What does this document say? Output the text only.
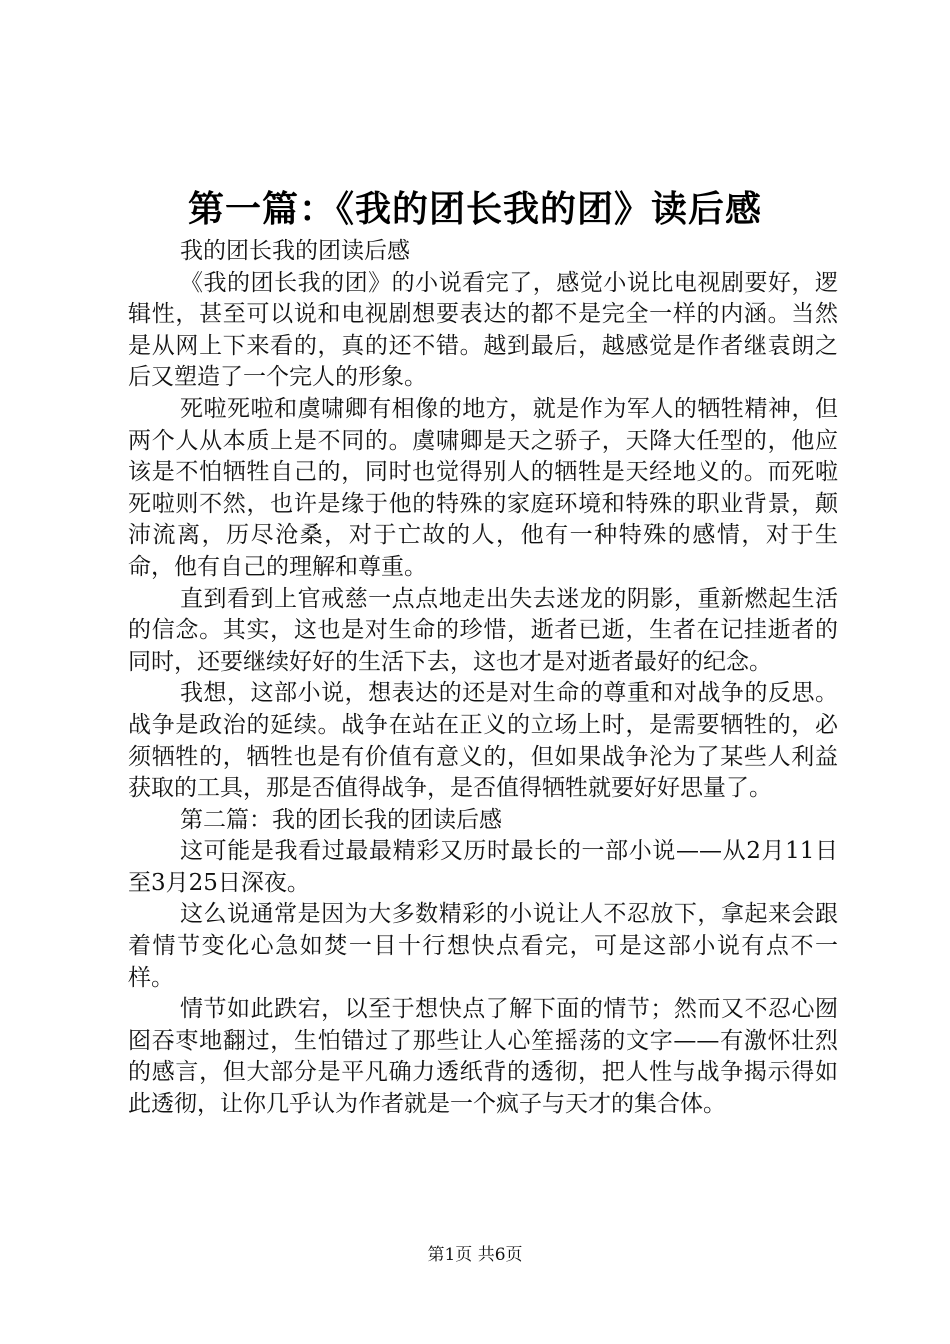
第一篇：《我的团长我的团》读后感

我的团长我的团读后感

《我的团长我的团》的小说看完了，感觉小说比电视剧要好，逻辑性，甚至可以说和电视剧想要表达的都不是完全一样的内涵。当然是从网上下来看的，真的还不错。越到最后，越感觉是作者继袁朗之后又塑造了一个完人的形象。

死啦死啦和虞啸卿有相像的地方，就是作为军人的牺牲精神，但两个人从本质上是不同的。虞啸卿是天之骄子，天降大任型的，他应该是不怕牺牲自己的，同时也觉得别人的牺牲是天经地义的。而死啦死啦则不然，也许是缘于他的特殊的家庭环境和特殊的职业背景，颠沛流离，历尽沧桑，对于亡故的人，他有一种特殊的感情，对于生命，他有自己的理解和尊重。

直到看到上官戒慈一点点地走出失去迷龙的阴影，重新燃起生活的信念。其实，这也是对生命的珍惜，逝者已逝，生者在记挂逝者的同时，还要继续好好的生活下去，这也才是对逝者最好的纪念。

我想，这部小说，想表达的还是对生命的尊重和对战争的反思。战争是政治的延续。战争在站在正义的立场上时，是需要牺牲的，必须牺牲的，牺牲也是有价值有意义的，但如果战争沦为了某些人利益获取的工具，那是否值得战争，是否值得牺牲就要好好思量了。

第二篇：我的团长我的团读后感

这可能是我看过最最精彩又历时最长的一部小说——从2月11日至3月25日深夜。

这么说通常是因为大多数精彩的小说让人不忍放下，拿起来会跟着情节变化心急如焚一目十行想快点看完，可是这部小说有点不一样。

情节如此跌宕，以至于想快点了解下面的情节；然而又不忍心囫囵吞枣地翻过，生怕错过了那些让人心笙摇荡的文字——有激怀壮烈的感言，但大部分是平凡确力透纸背的透彻，把人性与战争揭示得如此透彻，让你几乎认为作者就是一个疯子与天才的集合体。

第1页 共6页
